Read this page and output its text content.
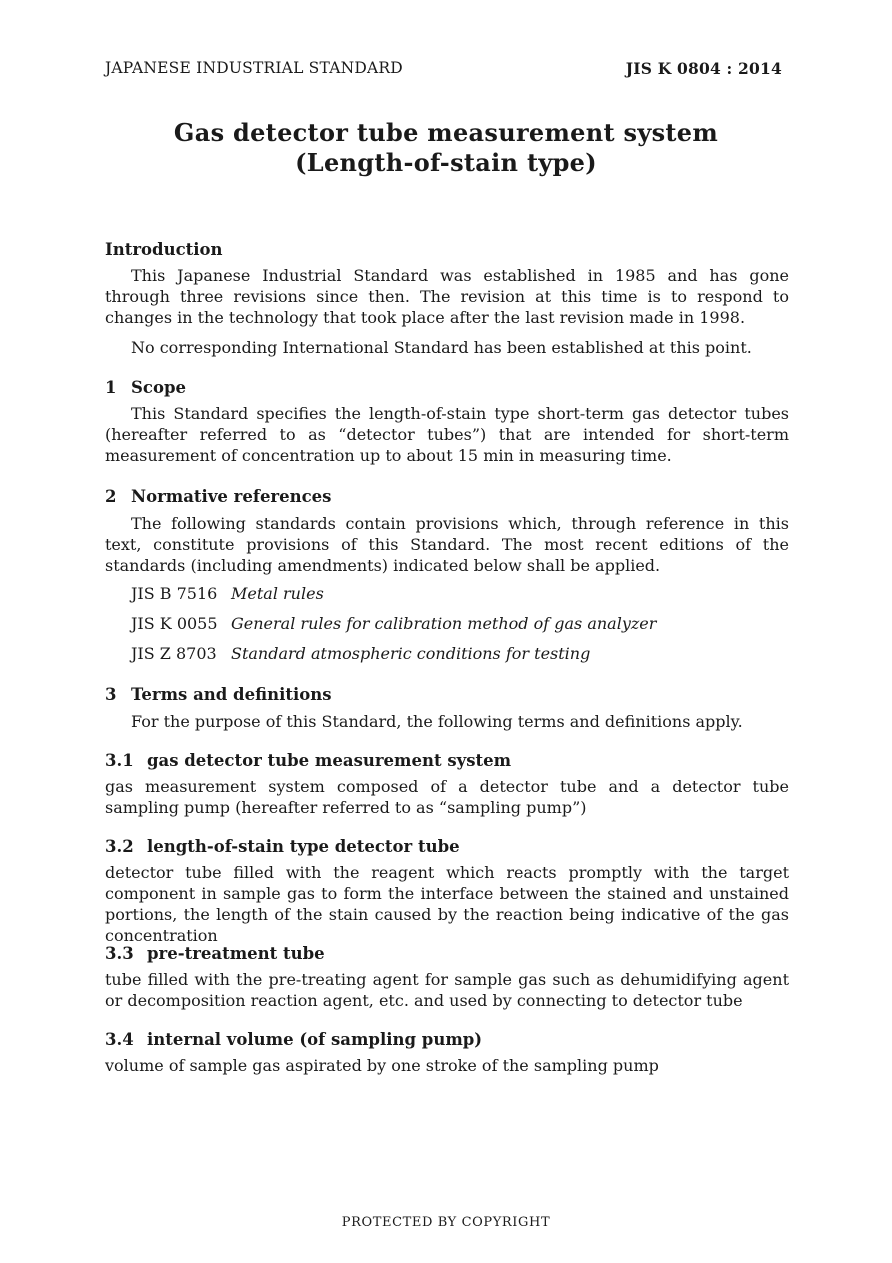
JAPANESE INDUSTRIAL STANDARD	JIS K 0804 : 2014
Gas detector tube measurement system
(Length-of-stain type)
Introduction
This Japanese Industrial Standard was established in 1985 and has gone through three revisions since then. The revision at this time is to respond to changes in the technology that took place after the last revision made in 1998.
No corresponding International Standard has been established at this point.
1 Scope
This Standard specifies the length-of-stain type short-term gas detector tubes (hereafter referred to as “detector tubes”) that are intended for short-term measurement of concentration up to about 15 min in measuring time.
2 Normative references
The following standards contain provisions which, through reference in this text, constitute provisions of this Standard. The most recent editions of the standards (including amendments) indicated below shall be applied.
JIS B 7516 Metal rules
JIS K 0055 General rules for calibration method of gas analyzer
JIS Z 8703 Standard atmospheric conditions for testing
3 Terms and definitions
For the purpose of this Standard, the following terms and definitions apply.
3.1 gas detector tube measurement system
gas measurement system composed of a detector tube and a detector tube sampling pump (hereafter referred to as “sampling pump”)
3.2 length-of-stain type detector tube
detector tube filled with the reagent which reacts promptly with the target component in sample gas to form the interface between the stained and unstained portions, the length of the stain caused by the reaction being indicative of the gas concentration
3.3 pre-treatment tube
tube filled with the pre-treating agent for sample gas such as dehumidifying agent or decomposition reaction agent, etc. and used by connecting to detector tube
3.4 internal volume (of sampling pump)
volume of sample gas aspirated by one stroke of the sampling pump
PROTECTED BY COPYRIGHT
